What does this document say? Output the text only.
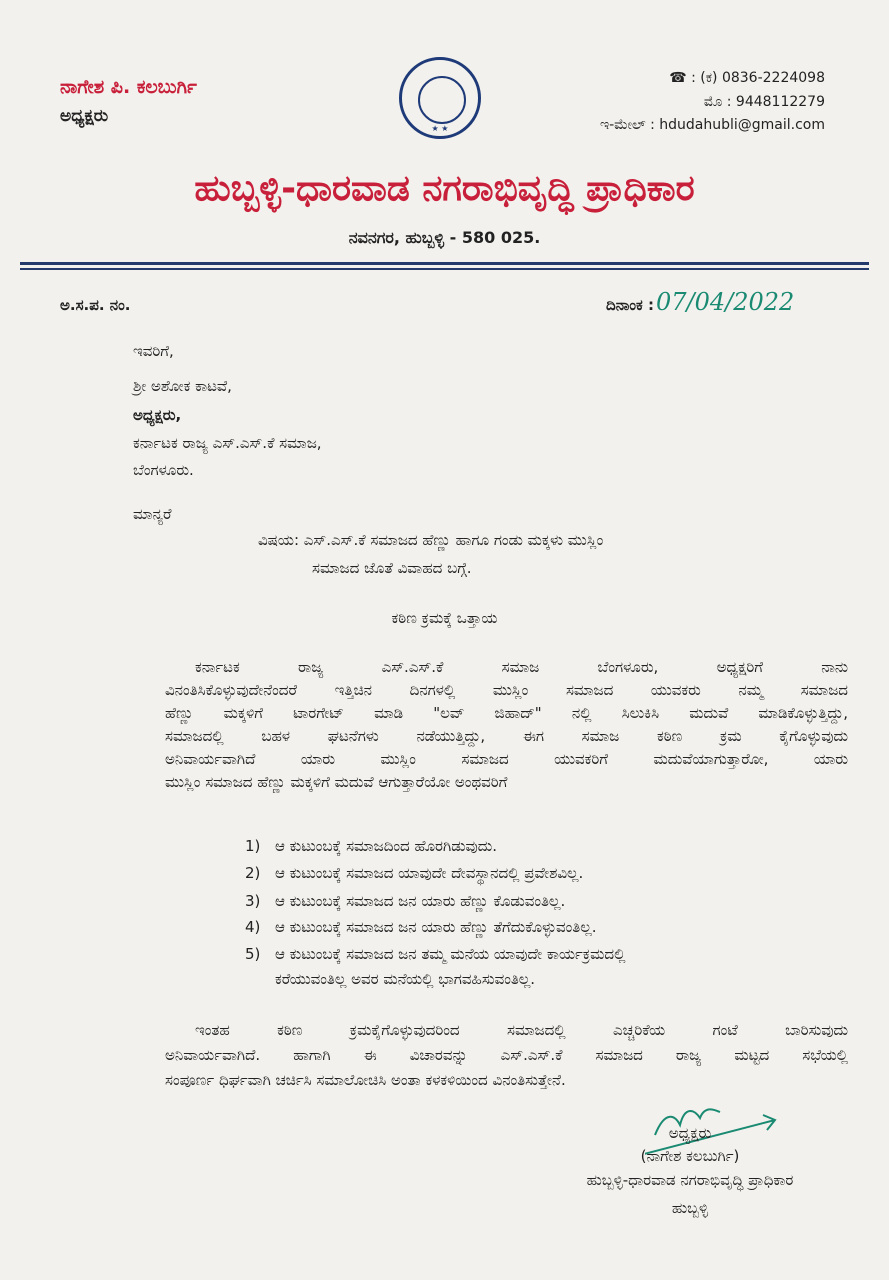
ನಾಗೇಶ ಪಿ. ಕಲಬುರ್ಗಿ
ಅಧ್ಯಕ್ಷರು
★ ★
☎ : (ಕ) 0836-2224098
ಮೊ : 9448112279
ಇ-ಮೇಲ್ : hdudahubli@gmail.com
ಹುಬ್ಬಳ್ಳಿ-ಧಾರವಾಡ ನಗರಾಭಿವೃದ್ಧಿ ಪ್ರಾಧಿಕಾರ
ನವನಗರ, ಹುಬ್ಬಳ್ಳಿ - 580 025.
ಅ.ಸ.ಪ. ನಂ.	ದಿನಾಂಕ : 07/04/2022
ಇವರಿಗೆ,
ಶ್ರೀ ಅಶೋಕ ಕಾಟವೆ,
ಅಧ್ಯಕ್ಷರು,
ಕರ್ನಾಟಕ ರಾಜ್ಯ ಎಸ್.ಎಸ್.ಕೆ ಸಮಾಜ,
ಬೆಂಗಳೂರು.
ಮಾನ್ಯರೆ
ವಿಷಯ: ಎಸ್.ಎಸ್.ಕೆ ಸಮಾಜದ ಹೆಣ್ಣು ಹಾಗೂ ಗಂಡು ಮಕ್ಕಳು ಮುಸ್ಲಿಂ
ಸಮಾಜದ ಜೊತೆ ವಿವಾಹದ ಬಗ್ಗೆ.
ಕಠಿಣ ಕ್ರಮಕ್ಕೆ ಒತ್ತಾಯ
ಕರ್ನಾಟಕ ರಾಜ್ಯ ಎಸ್.ಎಸ್.ಕೆ ಸಮಾಜ ಬೆಂಗಳೂರು, ಅಧ್ಯಕ್ಷರಿಗೆ ನಾನು
ವಿನಂತಿಸಿಕೊಳ್ಳುವುದೇನೆಂದರೆ ಇತ್ತಿಚಿನ ದಿನಗಳಲ್ಲಿ ಮುಸ್ಲಿಂ ಸಮಾಜದ ಯುವಕರು ನಮ್ಮ ಸಮಾಜದ
ಹೆಣ್ಣು ಮಕ್ಕಳಿಗೆ ಟಾರಗೇಟ್ ಮಾಡಿ "ಲವ್ ಜಿಹಾದ್" ನಲ್ಲಿ ಸಿಲುಕಿಸಿ ಮದುವೆ ಮಾಡಿಕೊಳ್ಳುತ್ತಿದ್ದು,
ಸಮಾಜದಲ್ಲಿ ಬಹಳ ಘಟನೆಗಳು ನಡೆಯುತ್ತಿದ್ದು, ಈಗ ಸಮಾಜ ಕಠಿಣ ಕ್ರಮ ಕೈಗೊಳ್ಳುವುದು
ಅನಿವಾರ್ಯವಾಗಿದೆ ಯಾರು ಮುಸ್ಲಿಂ ಸಮಾಜದ ಯುವಕರಿಗೆ ಮದುವೆಯಾಗುತ್ತಾರೋ, ಯಾರು
ಮುಸ್ಲಿಂ ಸಮಾಜದ ಹೆಣ್ಣು ಮಕ್ಕಳಿಗೆ ಮದುವೆ ಆಗುತ್ತಾರೆಯೋ ಅಂಥವರಿಗೆ
1) ಆ ಕುಟುಂಬಕ್ಕೆ ಸಮಾಜದಿಂದ ಹೊರಗಿಡುವುದು.
2) ಆ ಕುಟುಂಬಕ್ಕೆ ಸಮಾಜದ ಯಾವುದೇ ದೇವಸ್ಥಾನದಲ್ಲಿ ಪ್ರವೇಶವಿಲ್ಲ.
3) ಆ ಕುಟುಂಬಕ್ಕೆ ಸಮಾಜದ ಜನ ಯಾರು ಹೆಣ್ಣು ಕೊಡುವಂತಿಲ್ಲ.
4) ಆ ಕುಟುಂಬಕ್ಕೆ ಸಮಾಜದ ಜನ ಯಾರು ಹೆಣ್ಣು ತೆಗೆದುಕೊಳ್ಳುವಂತಿಲ್ಲ.
5) ಆ ಕುಟುಂಬಕ್ಕೆ ಸಮಾಜದ ಜನ ತಮ್ಮ ಮನೆಯ ಯಾವುದೇ ಕಾರ್ಯಕ್ರಮದಲ್ಲಿ
ಕರೆಯುವಂತಿಲ್ಲ ಅವರ ಮನೆಯಲ್ಲಿ ಭಾಗವಹಿಸುವಂತಿಲ್ಲ.
ಇಂತಹ ಕಠಿಣ ಕ್ರಮಕೈಗೊಳ್ಳುವುದರಿಂದ ಸಮಾಜದಲ್ಲಿ ಎಚ್ಚರಿಕೆಯ ಗಂಟೆ ಬಾರಿಸುವುದು
ಅನಿವಾರ್ಯವಾಗಿದೆ. ಹಾಗಾಗಿ ಈ ವಿಚಾರವನ್ನು ಎಸ್.ಎಸ್.ಕೆ ಸಮಾಜದ ರಾಜ್ಯ ಮಟ್ಟದ ಸಭೆಯಲ್ಲಿ
ಸಂಪೂರ್ಣ ಧಿರ್ಘವಾಗಿ ಚರ್ಚಿಸಿ ಸಮಾಲೋಚಿಸಿ ಅಂತಾ ಕಳಕಳಿಯಿಂದ ವಿನಂತಿಸುತ್ತೇನೆ.
ಅಧ್ಯಕ್ಷರು
(ನಾಗೇಶ ಕಲಬುರ್ಗಿ)
ಹುಬ್ಬಳ್ಳಿ-ಧಾರವಾಡ ನಗರಾಭಿವೃದ್ಧಿ ಪ್ರಾಧಿಕಾರ
ಹುಬ್ಬಳ್ಳಿ
